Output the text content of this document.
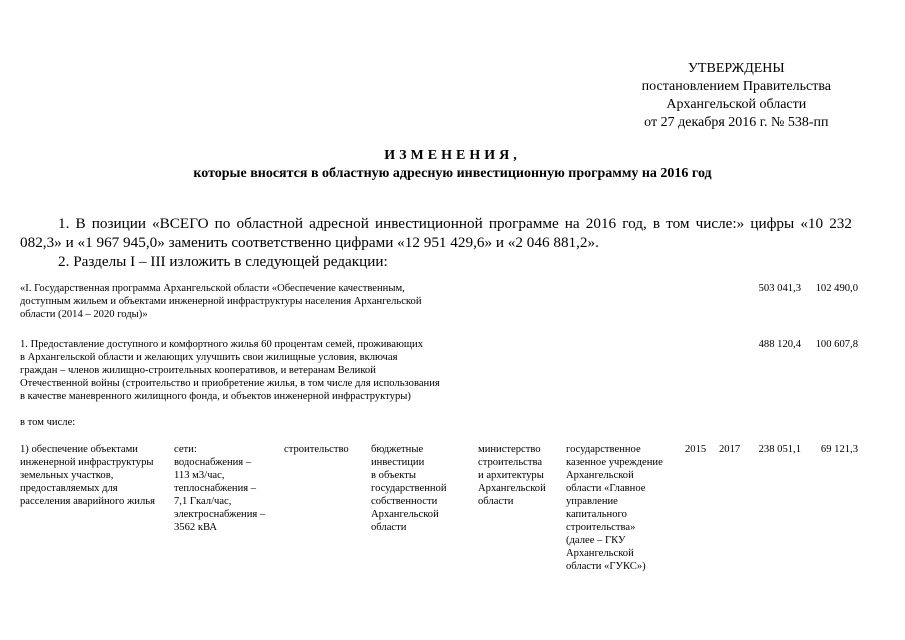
УТВЕРЖДЕНЫ
постановлением Правительства
Архангельской области
от 27 декабря 2016 г. № 538-пп
ИЗМЕНЕНИЯ,
которые вносятся в областную адресную инвестиционную программу на 2016 год
1. В позиции «ВСЕГО по областной адресной инвестиционной программе на 2016 год, в том числе:» цифры «10 232 082,3» и «1 967 945,0» заменить соответственно цифрами «12 951 429,6» и «2 046 881,2».
2. Разделы I – III изложить в следующей редакции:
«I. Государственная программа Архангельской области «Обеспечение качественным,
доступным жильем и объектами инженерной инфраструктуры населения Архангельской
области (2014 – 2020 годы)»
503 041,3 102 490,0
1. Предоставление доступного и комфортного жилья 60 процентам семей, проживающих
в Архангельской области и желающих улучшить свои жилищные условия, включая
граждан – членов жилищно-строительных кооперативов, и ветеранам Великой
Отечественной войны (строительство и приобретение жилья, в том числе для использования
в качестве маневренного жилищного фонда, и объектов инженерной инфраструктуры)
488 120,4 100 607,8
в том числе:
1) обеспечение объектами
инженерной инфраструктуры
земельных участков,
предоставляемых для
расселения аварийного жилья
сети:
водоснабжения –
113 м3/час,
теплоснабжения –
7,1 Гкал/час,
электроснабжения –
3562 кВА
строительство бюджетные
инвестиции
в объекты
государственной
собственности
Архангельской
области
министерство
строительства
и архитектуры
Архангельской
области
государственное
казенное учреждение
Архангельской
области «Главное
управление
капитального
строительства»
(далее – ГКУ
Архангельской
области «ГУКС»)
2015 2017 238 051,1 69 121,3
